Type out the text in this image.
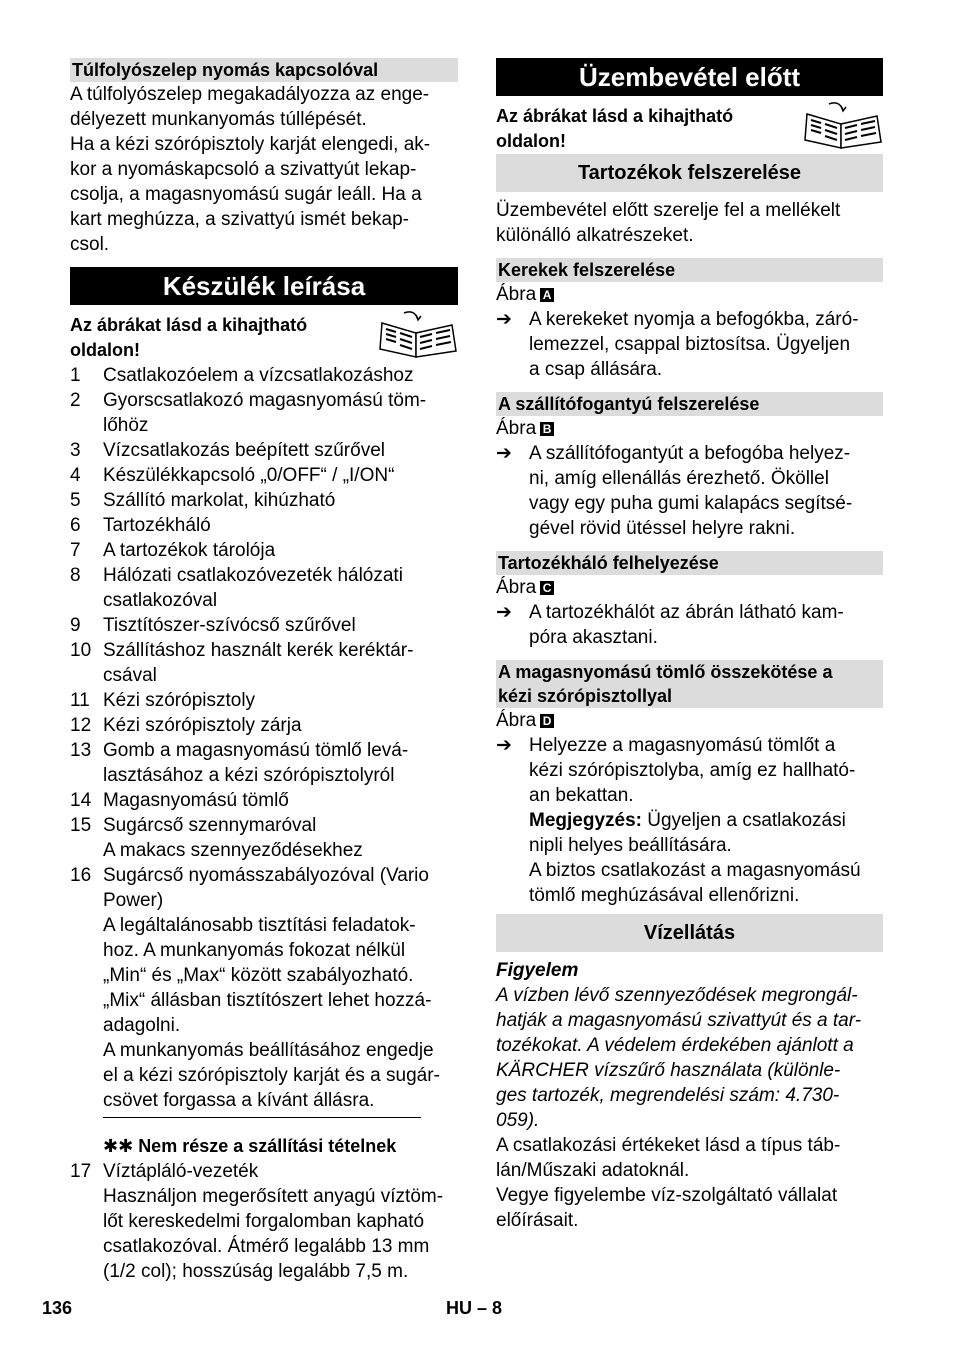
Túlfolyószelep nyomás kapcsolóval

A túlfolyószelep megakadályozza az enge-

délyezett munkanyomás túllépését.

Ha a kézi szórópisztoly karját elengedi, ak-

kor a nyomáskapcsoló a szivattyút lekap-

csolja, a magasnyomású sugár leáll. Ha a

kart meghúzza, a szivattyú ismét bekap-

csol.

Készülék leírása

Az ábrákat lásd a kihajtható
oldalon!
1 Csatlakozóelem a vízcsatlakozáshoz
2 Gyorscsatlakozó magasnyomású töm-
lőhöz
3 Vízcsatlakozás beépített szűrővel
4 Készülékkapcsoló „0/OFF“ / „I/ON“
5 Szállító markolat, kihúzható
6 Tartozékháló
7 A tartozékok tárolója
8 Hálózati csatlakozóvezeték hálózati
csatlakozóval
9 Tisztítószer-szívócső szűrővel
10 Szállításhoz használt kerék keréktár-
csával
11 Kézi szórópisztoly
12 Kézi szórópisztoly zárja
13 Gomb a magasnyomású tömlő levá-
lasztásához a kézi szórópisztolyról
14 Magasnyomású tömlő
15 Sugárcső szennymaróval
A makacs szennyeződésekhez
16 Sugárcső nyomásszabályozóval (Vario
Power)
A legáltalánosabb tisztítási feladatok-
hoz. A munkanyomás fokozat nélkül
„Min“ és „Max“ között szabályozható.
„Mix“ állásban tisztítószert lehet hozzá-
adagolni.
A munkanyomás beállításához engedje
el a kézi szórópisztoly karját és a sugár-
csövet forgassa a kívánt állásra.
✱✱ Nem része a szállítási tételnek
17 Víztápláló-vezeték
Használjon megerősített anyagú víztöm-
lőt kereskedelmi forgalomban kapható
csatlakozóval. Átmérő legalább 13 mm
(1/2 col); hosszúság legalább 7,5 m.

Üzembevétel előtt

Az ábrákat lásd a kihajtható
oldalon!

Tartozékok felszerelése

Üzembevétel előtt szerelje fel a mellékelt

különálló alkatrészeket.

Kerekek felszerelése

Ábra A

➔ A kerekeket nyomja a befogókba, záró-

lemezzel, csappal biztosítsa. Ügyeljen

a csap állására.

A szállítófogantyú felszerelése

Ábra B

➔ A szállítófogantyút a befogóba helyez-

ni, amíg ellenállás érezhető. Ököllel

vagy egy puha gumi kalapács segítsé-

gével rövid ütéssel helyre rakni.

Tartozékháló felhelyezése

Ábra C

➔ A tartozékhálót az ábrán látható kam-

póra akasztani.

A magasnyomású tömlő összekötése a
kézi szórópisztollyal

Ábra D

➔ Helyezze a magasnyomású tömlőt a

kézi szórópisztolyba, amíg ez hallható-

an bekattan.

Megjegyzés: Ügyeljen a csatlakozási

nipli helyes beállítására.

A biztos csatlakozást a magasnyomású

tömlő meghúzásával ellenőrizni.

Vízellátás

Figyelem

A vízben lévő szennyeződések megrongál-

hatják a magasnyomású szivattyút és a tar-

tozékokat. A védelem érdekében ajánlott a

KÄRCHER vízszűrő használata (különle-

ges tartozék, megrendelési szám: 4.730-

059).

A csatlakozási értékeket lásd a típus táb-

lán/Műszaki adatoknál.

Vegye figyelembe víz-szolgáltató vállalat

előírásait.

136	HU – 8
